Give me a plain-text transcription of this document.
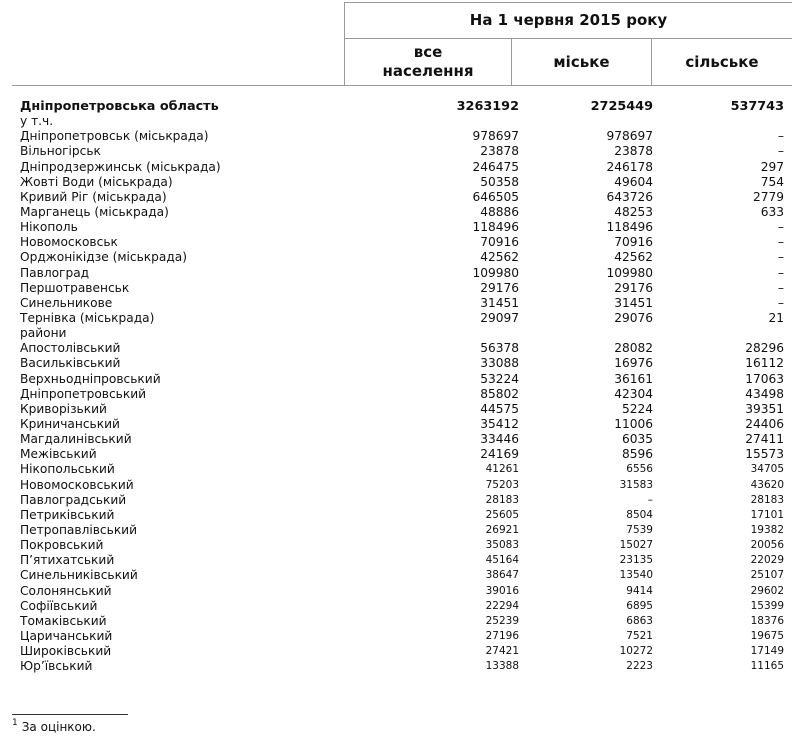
На 1 червня 2015 року
все населення	міське	сільське
Дніпропетровська область	3263192	2725449	537743
у т.ч.
Дніпропетровськ (міськрада)	978697	978697	–
Вільногірськ	23878	23878	–
Дніпродзержинськ (міськрада)	246475	246178	297
Жовті Води (міськрада)	50358	49604	754
Кривий Ріг (міськрада)	646505	643726	2779
Марганець (міськрада)	48886	48253	633
Нікополь	118496	118496	–
Новомосковськ	70916	70916	–
Орджонікідзе (міськрада)	42562	42562	–
Павлоград	109980	109980	–
Першотравенськ	29176	29176	–
Синельникове	31451	31451	–
Тернівка (міськрада)	29097	29076	21
райони
Апостолівський	56378	28082	28296
Васильківський	33088	16976	16112
Верхньодніпровський	53224	36161	17063
Дніпропетровський	85802	42304	43498
Криворізький	44575	5224	39351
Криничанський	35412	11006	24406
Магдалинівський	33446	6035	27411
Межівський	24169	8596	15573
Нікопольський	41261	6556	34705
Новомосковський	75203	31583	43620
Павлоградський	28183	–	28183
Петриківський	25605	8504	17101
Петропавлівський	26921	7539	19382
Покровський	35083	15027	20056
П’ятихатський	45164	23135	22029
Синельниківський	38647	13540	25107
Солонянський	39016	9414	29602
Софіївський	22294	6895	15399
Томаківський	25239	6863	18376
Царичанський	27196	7521	19675
Широківський	27421	10272	17149
Юр’ївський	13388	2223	11165
$^1$ За оцінкою.
